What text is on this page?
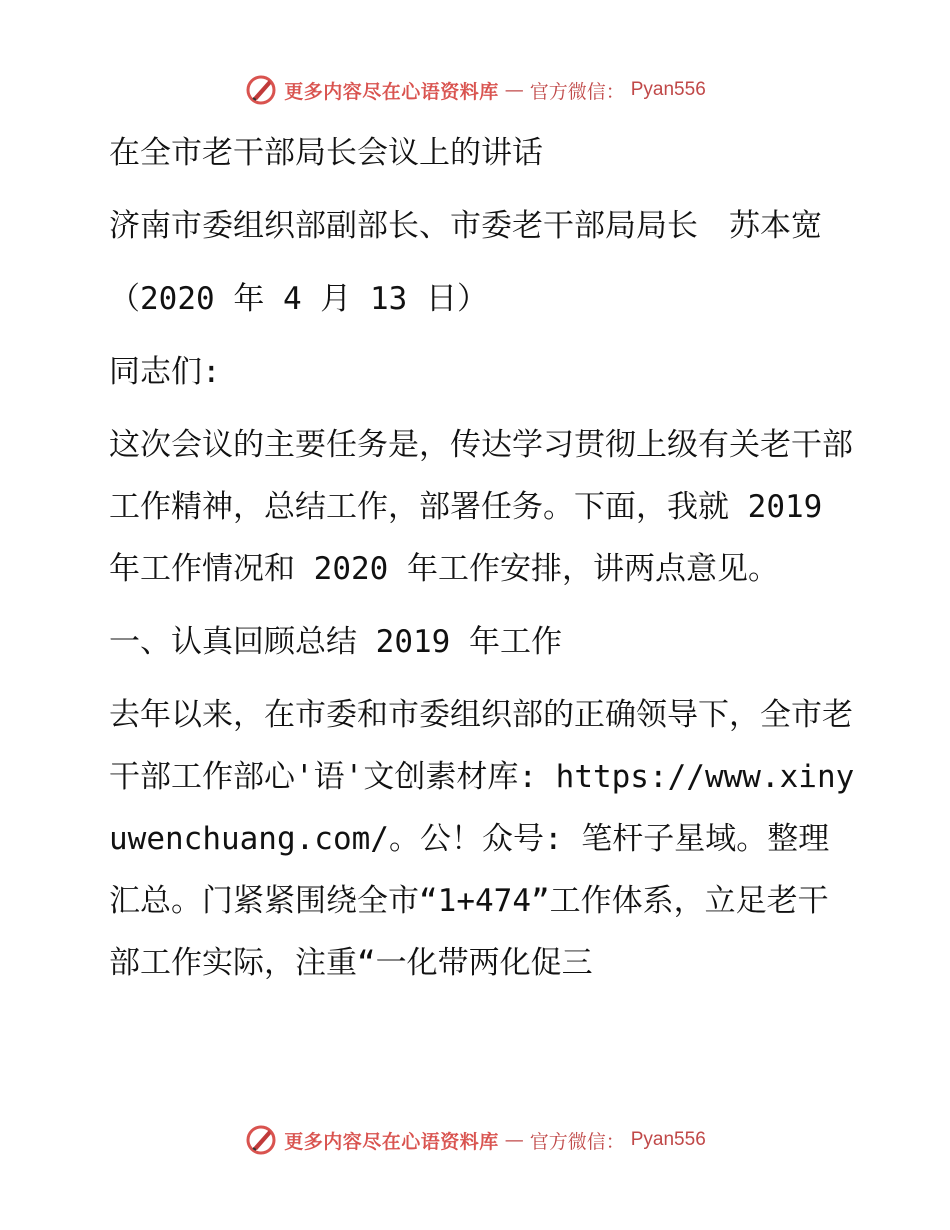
更多内容尽在心语资料库 — 官方微信： Pyan556

在全市老干部局长会议上的讲话

济南市委组织部副部长、市委老干部局局长　苏本宽

（2020 年 4 月 13 日）

同志们:

这次会议的主要任务是，传达学习贯彻上级有关老干部工作精神，总结工作，部署任务。下面，我就 2019 年工作情况和 2020 年工作安排，讲两点意见。

一、认真回顾总结 2019 年工作

去年以来，在市委和市委组织部的正确领导下，全市老干部工作部心'语'文创素材库: https://www.xinyuwenchuang.com/。公！众号: 笔杆子星域。整理汇总。门紧紧围绕全市“1+474”工作体系，立足老干部工作实际，注重“一化带两化促三

更多内容尽在心语资料库 — 官方微信： Pyan556
